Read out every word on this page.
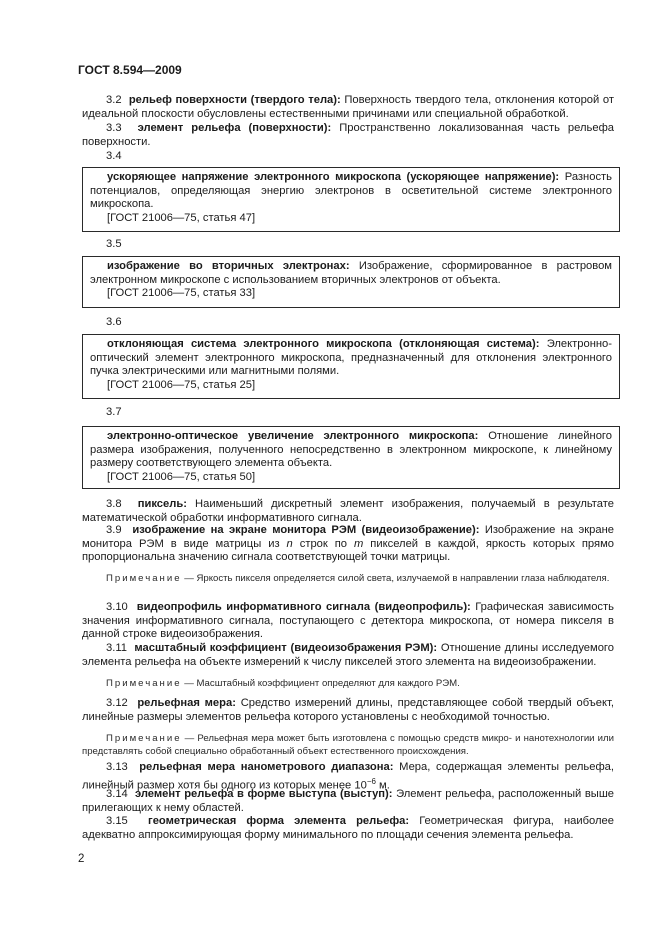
ГОСТ 8.594—2009
3.2 рельеф поверхности (твердого тела): Поверхность твердого тела, отклонения которой от идеальной плоскости обусловлены естественными причинами или специальной обработкой.
3.3 элемент рельефа (поверхности): Пространственно локализованная часть рельефа поверхности.
3.4
ускоряющее напряжение электронного микроскопа (ускоряющее напряжение): Разность потенциалов, определяющая энергию электронов в осветительной системе электронного микроскопа.
[ГОСТ 21006—75, статья 47]
3.5
изображение во вторичных электронах: Изображение, сформированное в растровом электронном микроскопе с использованием вторичных электронов от объекта.
[ГОСТ 21006—75, статья 33]
3.6
отклоняющая система электронного микроскопа (отклоняющая система): Электронно-оптический элемент электронного микроскопа, предназначенный для отклонения электронного пучка электрическими или магнитными полями.
[ГОСТ 21006—75, статья 25]
3.7
электронно-оптическое увеличение электронного микроскопа: Отношение линейного размера изображения, полученного непосредственно в электронном микроскопе, к линейному размеру соответствующего элемента объекта.
[ГОСТ 21006—75, статья 50]
3.8 пиксель: Наименьший дискретный элемент изображения, получаемый в результате математической обработки информативного сигнала.
3.9 изображение на экране монитора РЭМ (видеоизображение): Изображение на экране монитора РЭМ в виде матрицы из n строк по m пикселей в каждой, яркость которых прямо пропорциональна значению сигнала соответствующей точки матрицы.
Примечание — Яркость пикселя определяется силой света, излучаемой в направлении глаза наблюдателя.
3.10 видеопрофиль информативного сигнала (видеопрофиль): Графическая зависимость значения информативного сигнала, поступающего с детектора микроскопа, от номера пикселя в данной строке видеоизображения.
3.11 масштабный коэффициент (видеоизображения РЭМ): Отношение длины исследуемого элемента рельефа на объекте измерений к числу пикселей этого элемента на видеоизображении.
Примечание — Масштабный коэффициент определяют для каждого РЭМ.
3.12 рельефная мера: Средство измерений длины, представляющее собой твердый объект, линейные размеры элементов рельефа которого установлены с необходимой точностью.
Примечание — Рельефная мера может быть изготовлена с помощью средств микро- и нанотехнологии или представлять собой специально обработанный объект естественного происхождения.
3.13 рельефная мера нанометрового диапазона: Мера, содержащая элементы рельефа, линейный размер хотя бы одного из которых менее $10^{-6}$ м.
3.14 элемент рельефа в форме выступа (выступ): Элемент рельефа, расположенный выше прилегающих к нему областей.
3.15 геометрическая форма элемента рельефа: Геометрическая фигура, наиболее адекватно аппроксимирующая форму минимального по площади сечения элемента рельефа.
2
